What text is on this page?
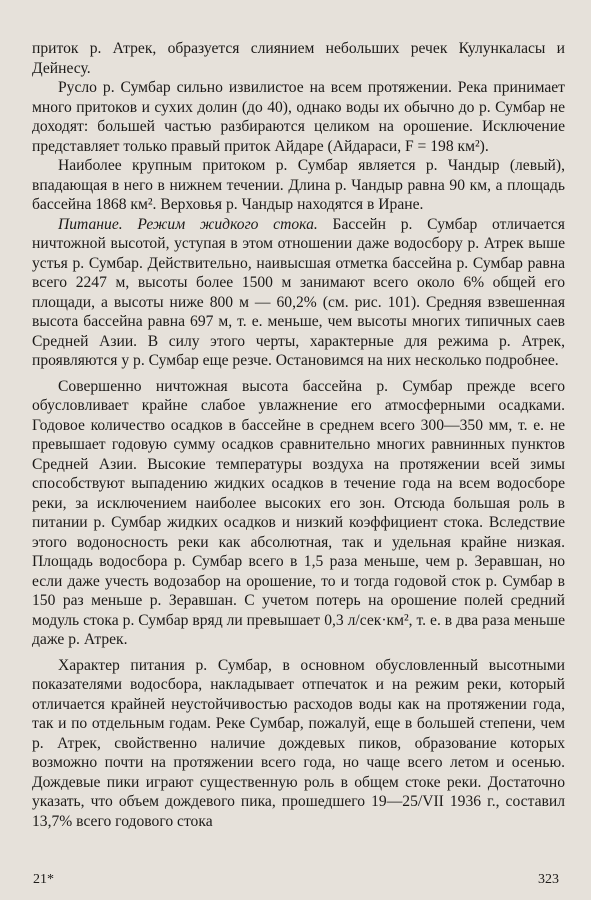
приток р. Атрек, образуется слиянием небольших речек Кулункаласы и Дейнесу.

Русло р. Сумбар сильно извилистое на всем протяжении. Река принимает много притоков и сухих долин (до 40), однако воды их обычно до р. Сумбар не доходят: большей частью разбираются целиком на орошение. Исключение представляет только правый приток Айдаре (Айдараси, F = 198 км²).

Наиболее крупным притоком р. Сумбар является р. Чандыр (левый), впадающая в него в нижнем течении. Длина р. Чандыр равна 90 км, а площадь бассейна 1868 км². Верховья р. Чандыр находятся в Иране.

Питание. Режим жидкого стока. Бассейн р. Сумбар отличается ничтожной высотой, уступая в этом отношении даже водосбору р. Атрек выше устья р. Сумбар. Действительно, наивысшая отметка бассейна р. Сумбар равна всего 2247 м, высоты более 1500 м занимают всего около 6% общей его площади, а высоты ниже 800 м — 60,2% (см. рис. 101). Средняя взвешенная высота бассейна равна 697 м, т. е. меньше, чем высоты многих типичных саев Средней Азии. В силу этого черты, характерные для режима р. Атрек, проявляются у р. Сумбар еще резче. Остановимся на них несколько подробнее.

Совершенно ничтожная высота бассейна р. Сумбар прежде всего обусловливает крайне слабое увлажнение его атмосферными осадками. Годовое количество осадков в бассейне в среднем всего 300—350 мм, т. е. не превышает годовую сумму осадков сравнительно многих равнинных пунктов Средней Азии. Высокие температуры воздуха на протяжении всей зимы способствуют выпадению жидких осадков в течение года на всем водосборе реки, за исключением наиболее высоких его зон. Отсюда большая роль в питании р. Сумбар жидких осадков и низкий коэффициент стока. Вследствие этого водоносность реки как абсолютная, так и удельная крайне низкая. Площадь водосбора р. Сумбар всего в 1,5 раза меньше, чем р. Зеравшан, но если даже учесть водозабор на орошение, то и тогда годовой сток р. Сумбар в 150 раз меньше р. Зеравшан. С учетом потерь на орошение полей средний модуль стока р. Сумбар вряд ли превышает 0,3 л/сек·км², т. е. в два раза меньше даже р. Атрек.

Характер питания р. Сумбар, в основном обусловленный высотными показателями водосбора, накладывает отпечаток и на режим реки, который отличается крайней неустойчивостью расходов воды как на протяжении года, так и по отдельным годам. Реке Сумбар, пожалуй, еще в большей степени, чем р. Атрек, свойственно наличие дождевых пиков, образование которых возможно почти на протяжении всего года, но чаще всего летом и осенью. Дождевые пики играют существенную роль в общем стоке реки. Достаточно указать, что объем дождевого пика, прошедшего 19—25/VII 1936 г., составил 13,7% всего годового стока

21*	323
